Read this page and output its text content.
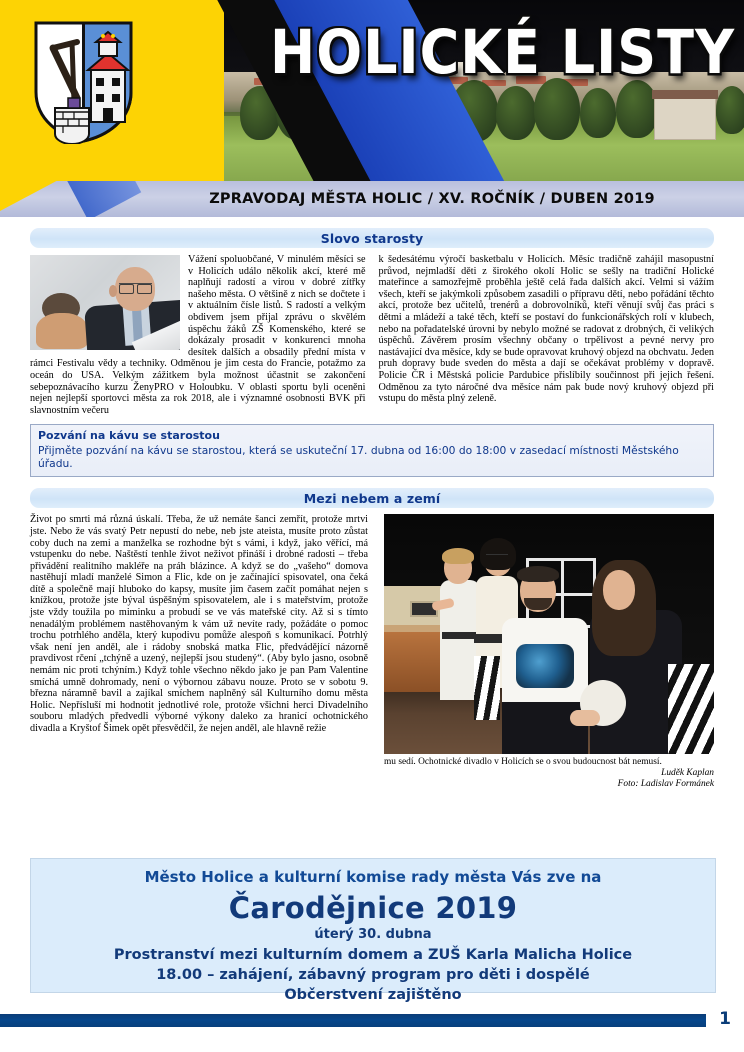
HOLICKÉ LISTY
ZPRAVODAJ MĚSTA HOLIC / XV. ROČNÍK / DUBEN 2019
Slovo starosty

Vážení spoluobčané, V minulém měsíci se v Holicích událo několik akcí, které mě naplňují radostí a virou v dobré zítřky našeho města. O většině z nich se dočtete i v aktuálním čísle listů. S radostí a velkým obdivem jsem přijal zprávu o skvělém úspěchu žáků ZŠ Komenského, které se dokázaly prosadit v konkurenci mnoha desítek dalších a obsadily přední místa v rámci Festivalu vědy a techniky. Odměnou je jim cesta do Francie, potažmo za oceán do USA. Velkým zážitkem byla možnost účastnit se zakončení sebepoznávacího kurzu ŽenyPRO v Holoubku. V oblasti sportu byli oceněni nejen nejlepší sportovci města za rok 2018, ale i významné osobnosti BVK při slavnostním večeru

k šedesátému výročí basketbalu v Holicích. Měsíc tradičně zahájil masopustní průvod, nejmladší děti z širokého okolí Holic se sešly na tradiční Holické mateřince a samozřejmě proběhla ještě celá řada dalších akcí. Velmi si vážím všech, kteří se jakýmkoli způsobem zasadili o přípravu dětí, nebo pořádání těchto akcí, protože bez učitelů, trenérů a dobrovolníků, kteří věnují svůj čas práci s dětmi a mládeží a také těch, kteří se postaví do funkcionářských rolí v klubech, nebo na pořadatelské úrovni by nebylo možné se radovat z drobných, či velikých úspěchů. Závěrem prosím všechny občany o trpělivost a pevné nervy pro nastávající dva měsíce, kdy se bude opravovat kruhový objezd na obchvatu. Jeden pruh dopravy bude sveden do města a dají se očekávat problémy v dopravě. Policie ČR i Městská policie Pardubice přislíbily součinnost při jejich řešení. Odměnou za tyto náročné dva měsíce nám pak bude nový kruhový objezd při vstupu do města plný zeleně.

Pozvání na kávu se starostou
Přijměte pozvání na kávu se starostou, která se uskuteční 17. dubna od 16:00 do 18:00 v zasedací místnosti Městského úřadu.
Mezi nebem a zemí
mu sedí. Ochotnické divadlo v Holicích se o svou budoucnost bát nemusí.
Luděk Kaplan
Foto: Ladislav Formánek

Život po smrti má různá úskalí. Třeba, že už nemáte šanci zemřít, protože mrtvi jste. Nebo že vás svatý Petr nepustí do nebe, neb jste ateista, musíte proto zůstat coby duch na zemi a manželka se rozhodne být s vámi, i když, jako věřící, má vstupenku do nebe. Naštěstí tenhle život neživot přináší i drobné radosti – třeba přivádění realitního makléře na práh blázince. A když se do „vašeho“ domova nastěhují mladí manželé Simon a Flic, kde on je začínající spisovatel, ona čeká dítě a společně mají hluboko do kapsy, musíte jim časem začít pomáhat nejen s knížkou, protože jste býval úspěšným spisovatelem, ale i s mateřstvím, protože jste vždy toužila po miminku a probudí se ve vás mateřské city. Až si s tímto nenadálým problémem nastěhovaným k vám už nevíte rady, požádáte o pomoc trochu potrhlého anděla, který kupodivu pomůže alespoň s komunikací. Potrhlý však není jen anděl, ale i rádoby snobská matka Flic, předvádějící názorně pravdivost rčení „tchýně a uzený, nejlepší jsou studený“. (Aby bylo jasno, osobně nemám nic proti tchýním.) Když tohle všechno někdo jako je pan Pam Valentine smíchá umně dohromady, není o výbornou zábavu nouze. Proto se v sobotu 9. března náramně bavil a zajíkal smíchem naplněný sál Kulturního domu města Holic. Nepřísluší mi hodnotit jednotlivé role, protože všichni herci Divadelního souboru mladých předvedli výborné výkony daleko za hranicí ochotnického divadla a Kryštof Šimek opět přesvědčil, že nejen anděl, ale hlavně režie

Město Holice a kulturní komise rady města Vás zve na
Čarodějnice 2019
úterý 30. dubna
Prostranství mezi kulturním domem a ZUŠ Karla Malicha Holice
18.00 – zahájení, zábavný program pro děti i dospělé
Občerstvení zajištěno
1
